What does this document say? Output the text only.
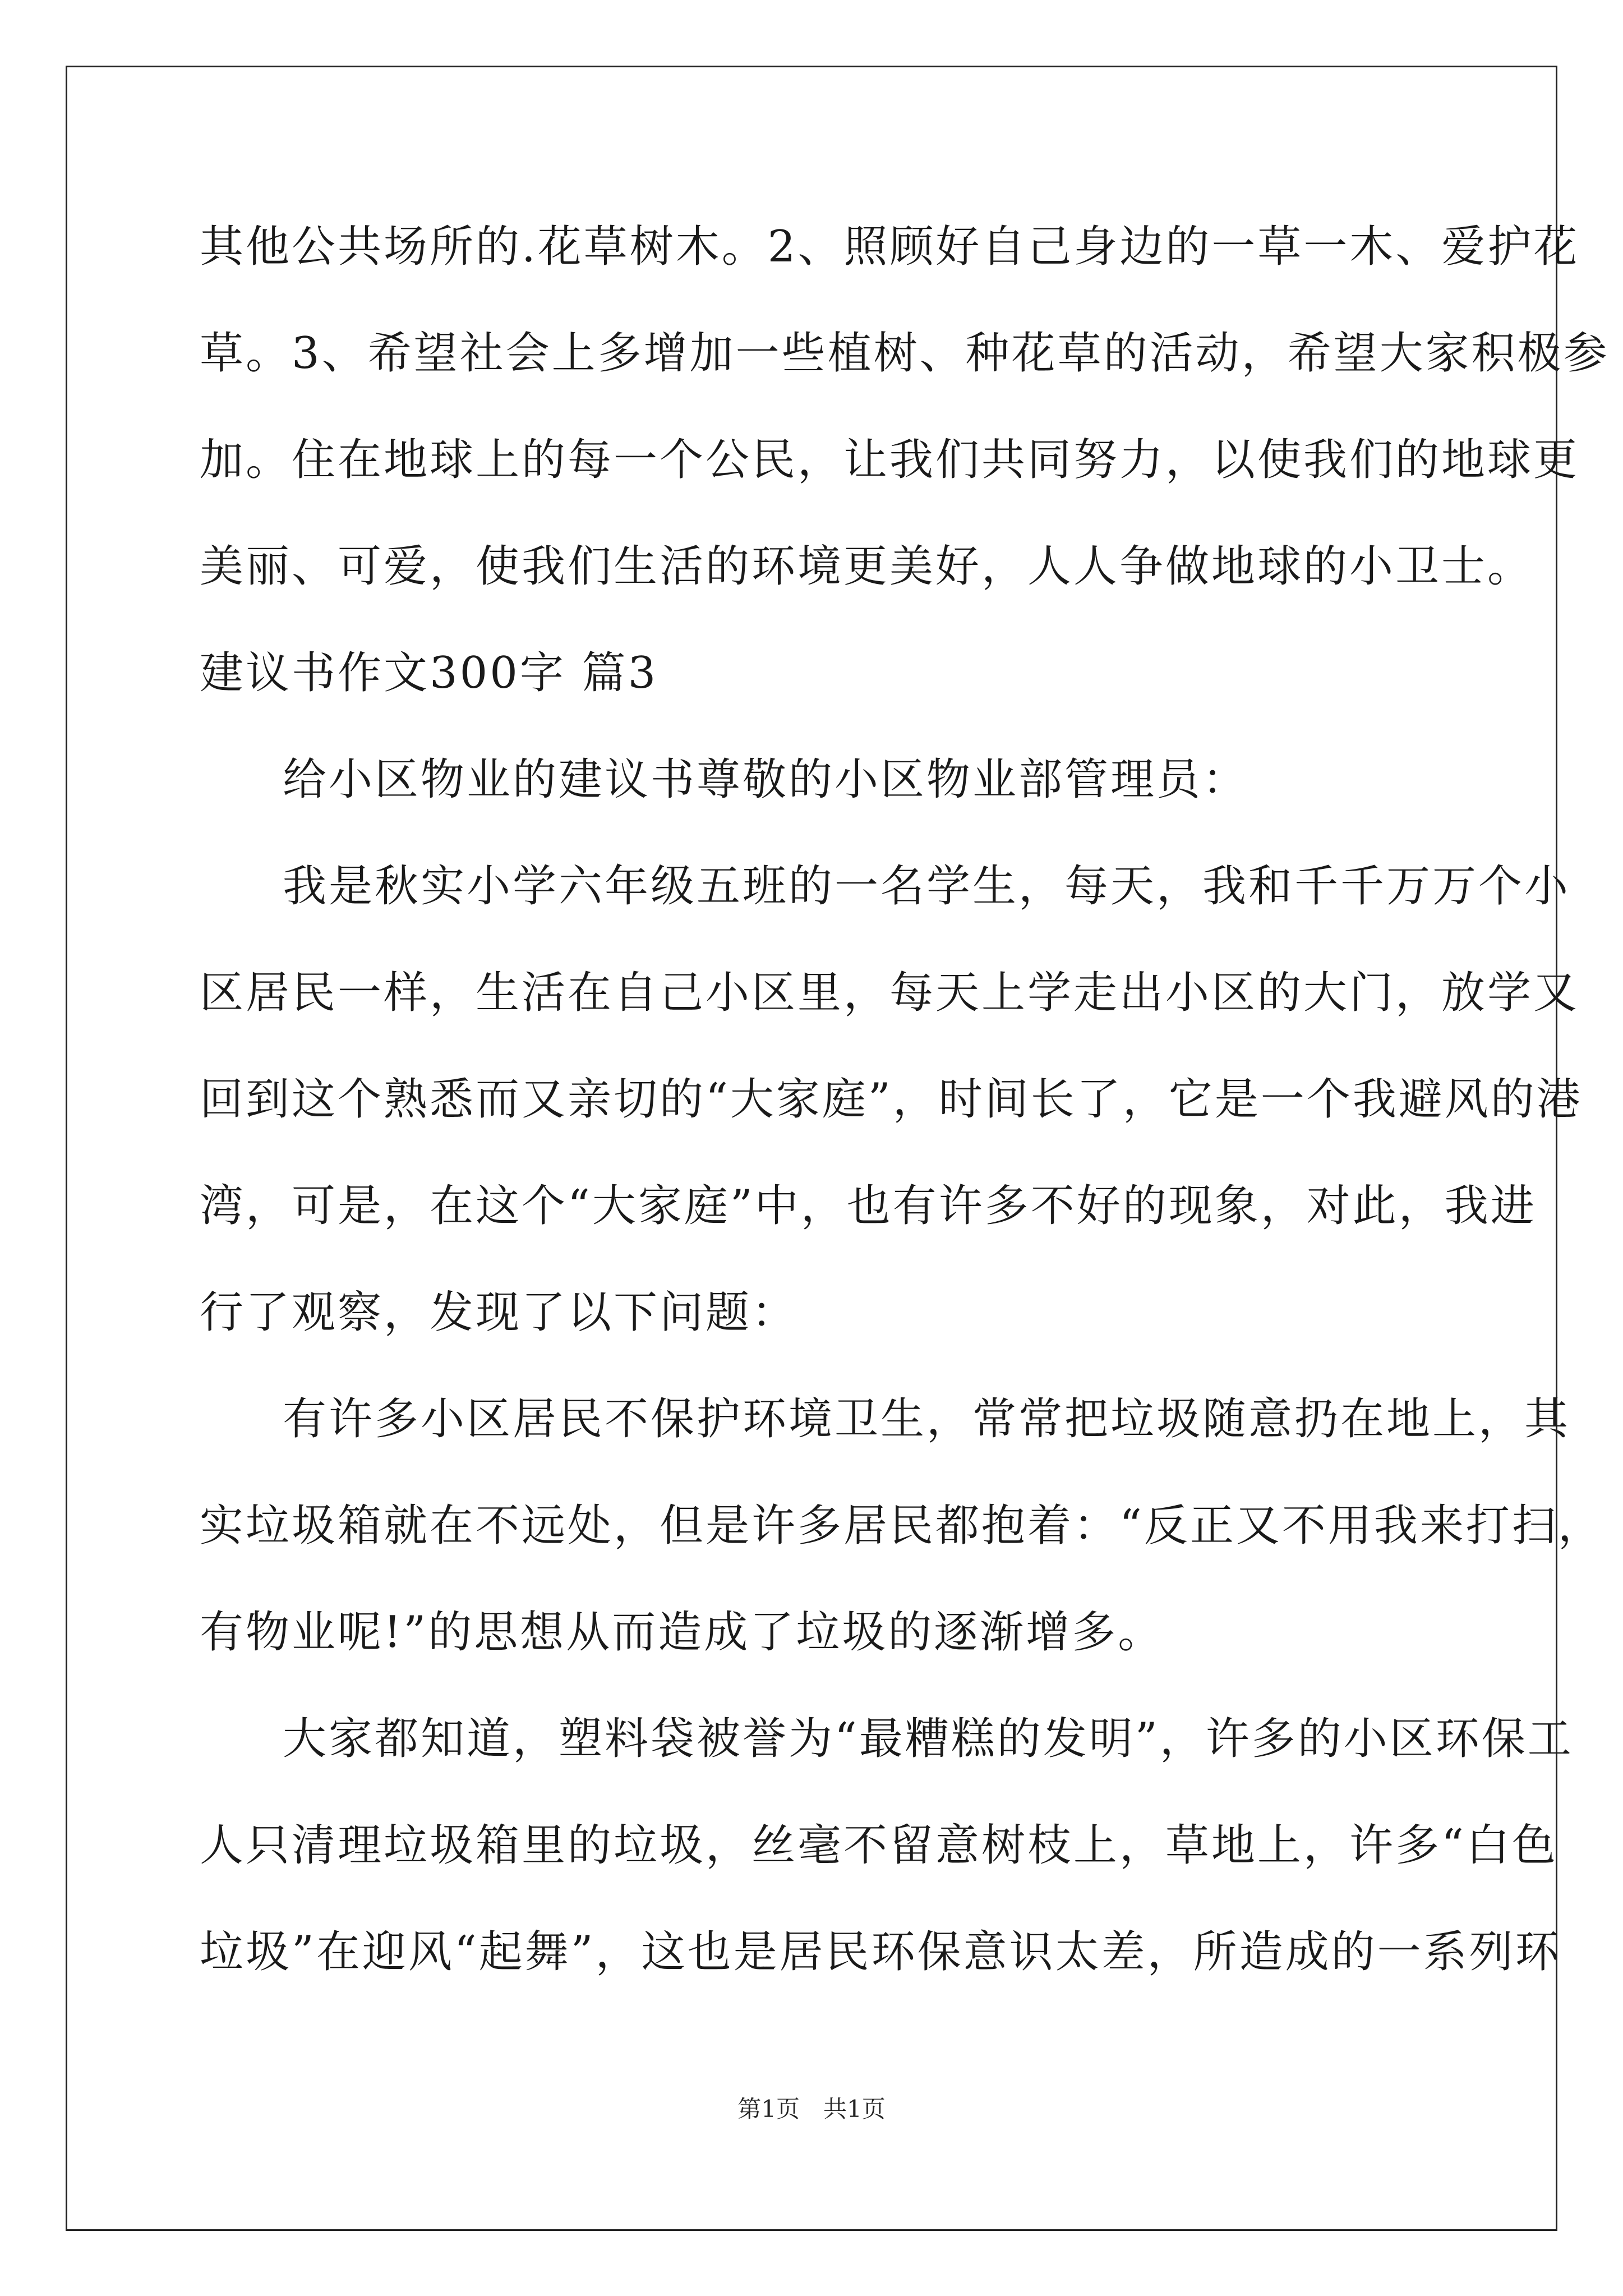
其他公共场所的.花草树木。2、照顾好自己身边的一草一木、爱护花
草。3、希望社会上多增加一些植树、种花草的活动，希望大家积极参
加。住在地球上的每一个公民，让我们共同努力，以使我们的地球更
美丽、可爱，使我们生活的环境更美好，人人争做地球的小卫士。
建议书作文300字 篇3
给小区物业的建议书尊敬的小区物业部管理员：
我是秋实小学六年级五班的一名学生，每天，我和千千万万个小
区居民一样，生活在自己小区里，每天上学走出小区的大门，放学又
回到这个熟悉而又亲切的“大家庭”，时间长了，它是一个我避风的港
湾，可是，在这个“大家庭”中，也有许多不好的现象，对此，我进
行了观察，发现了以下问题：
有许多小区居民不保护环境卫生，常常把垃圾随意扔在地上，其
实垃圾箱就在不远处，但是许多居民都抱着：“反正又不用我来打扫，
有物业呢!”的思想从而造成了垃圾的逐渐增多。
大家都知道，塑料袋被誉为“最糟糕的发明”，许多的小区环保工
人只清理垃圾箱里的垃圾，丝毫不留意树枝上，草地上，许多“白色
垃圾”在迎风“起舞”，这也是居民环保意识太差，所造成的一系列环
第1页　共1页
